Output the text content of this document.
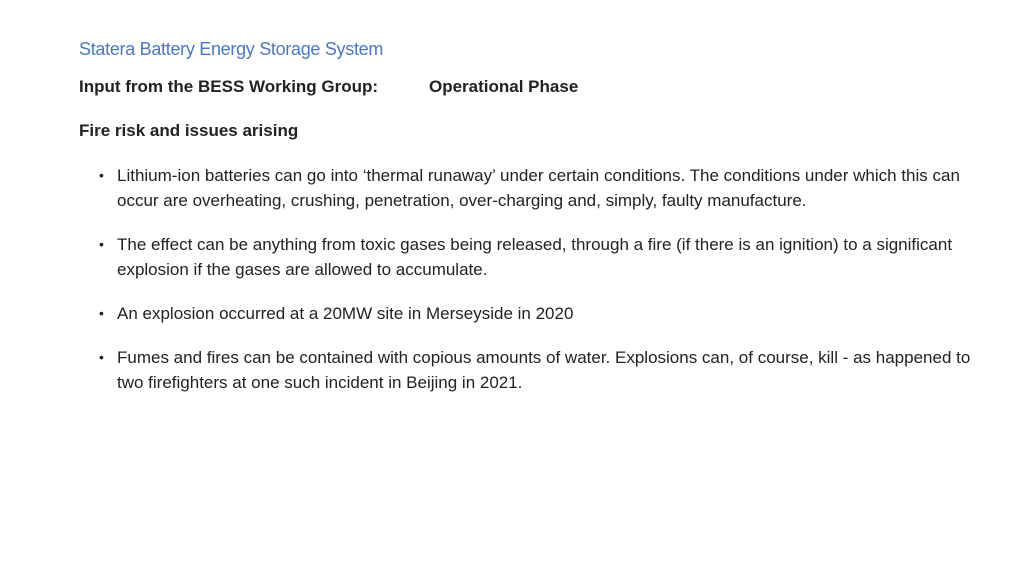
Statera Battery Energy Storage System
Input from the BESS Working Group:	Operational Phase
Fire risk and issues arising
• Lithium-ion batteries can go into ‘thermal runaway’ under certain conditions. The conditions under which this can occur are overheating, crushing, penetration, over-charging and, simply, faulty manufacture.
• The effect can be anything from toxic gases being released, through a fire (if there is an ignition) to a significant explosion if the gases are allowed to accumulate.
• An explosion occurred at a 20MW site in Merseyside in 2020
• Fumes and fires can be contained with copious amounts of water. Explosions can, of course, kill - as happened to two firefighters at one such incident in Beijing in 2021.
